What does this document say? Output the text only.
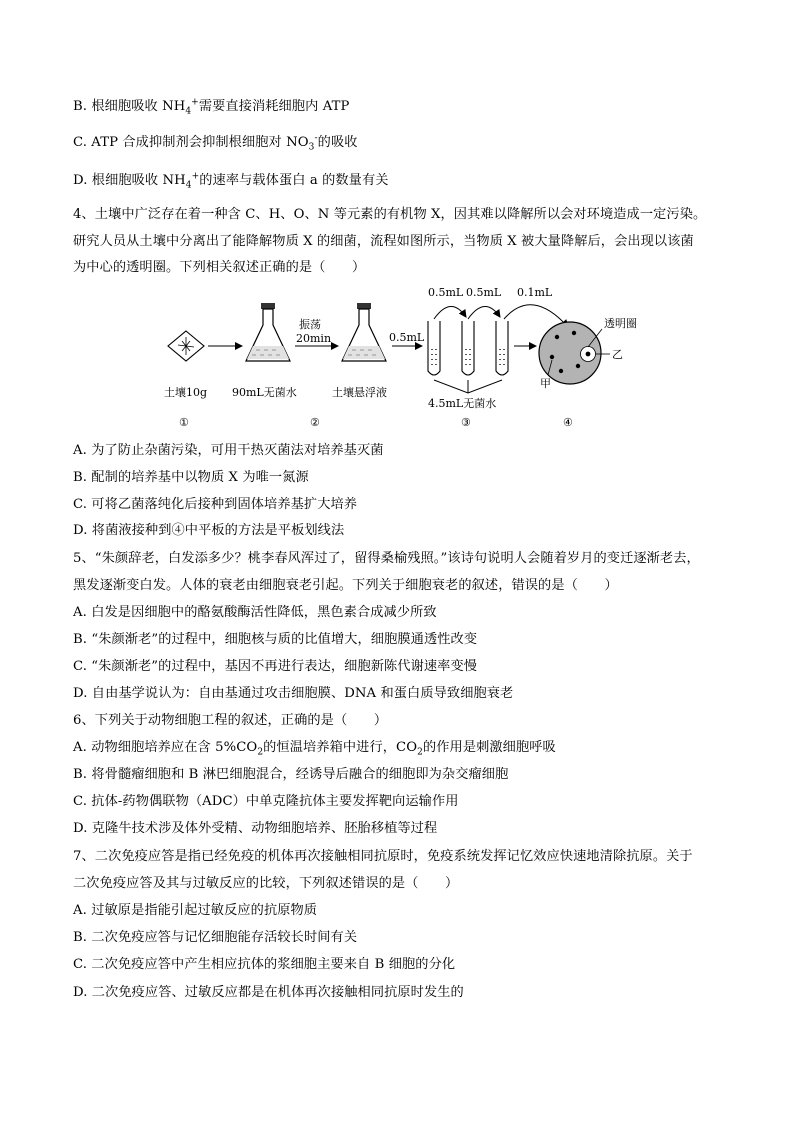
B. 根细胞吸收 $NH_4^+$需要直接消耗细胞内 ATP
C. ATP 合成抑制剂会抑制根细胞对 $NO_3^-$的吸收
D. 根细胞吸收 $NH_4^+$的速率与载体蛋白 a 的数量有关
4、土壤中广泛存在着一种含 C、H、O、N 等元素的有机物 X，因其难以降解所以会对环境造成一定污染。
研究人员从土壤中分离出了能降解物质 X 的细菌，流程如图所示，当物质 X 被大量降解后，会出现以该菌
为中心的透明圈。下列相关叙述正确的是（　　）
振荡
20min	0.5mL
0.5mL 0.5mL 0.1mL
4.5mL无菌水
透明圈
乙
甲
土壤10g 90mL无菌水	土壤悬浮液
①	②	③	④
A. 为了防止杂菌污染，可用干热灭菌法对培养基灭菌
B. 配制的培养基中以物质 X 为唯一氮源
C. 可将乙菌落纯化后接种到固体培养基扩大培养
D. 将菌液接种到④中平板的方法是平板划线法
5、“朱颜辞老，白发添多少？桃李春风浑过了，留得桑榆残照。”该诗句说明人会随着岁月的变迁逐渐老去，
黑发逐渐变白发。人体的衰老由细胞衰老引起。下列关于细胞衰老的叙述，错误的是（　　）
A. 白发是因细胞中的酪氨酸酶活性降低，黑色素合成减少所致
B. “朱颜渐老”的过程中，细胞核与质的比值增大，细胞膜通透性改变
C. “朱颜渐老”的过程中，基因不再进行表达，细胞新陈代谢速率变慢
D. 自由基学说认为：自由基通过攻击细胞膜、DNA 和蛋白质导致细胞衰老
6、下列关于动物细胞工程的叙述，正确的是（　　）
A. 动物细胞培养应在含 $5\%CO_2$的恒温培养箱中进行，$CO_2$的作用是刺激细胞呼吸
B. 将骨髓瘤细胞和 B 淋巴细胞混合，经诱导后融合的细胞即为杂交瘤细胞
C. 抗体-药物偶联物（ADC）中单克隆抗体主要发挥靶向运输作用
D. 克隆牛技术涉及体外受精、动物细胞培养、胚胎移植等过程
7、二次免疫应答是指已经免疫的机体再次接触相同抗原时，免疫系统发挥记忆效应快速地清除抗原。关于
二次免疫应答及其与过敏反应的比较，下列叙述错误的是（　　）
A. 过敏原是指能引起过敏反应的抗原物质
B. 二次免疫应答与记忆细胞能存活较长时间有关
C. 二次免疫应答中产生相应抗体的浆细胞主要来自 B 细胞的分化
D. 二次免疫应答、过敏反应都是在机体再次接触相同抗原时发生的
